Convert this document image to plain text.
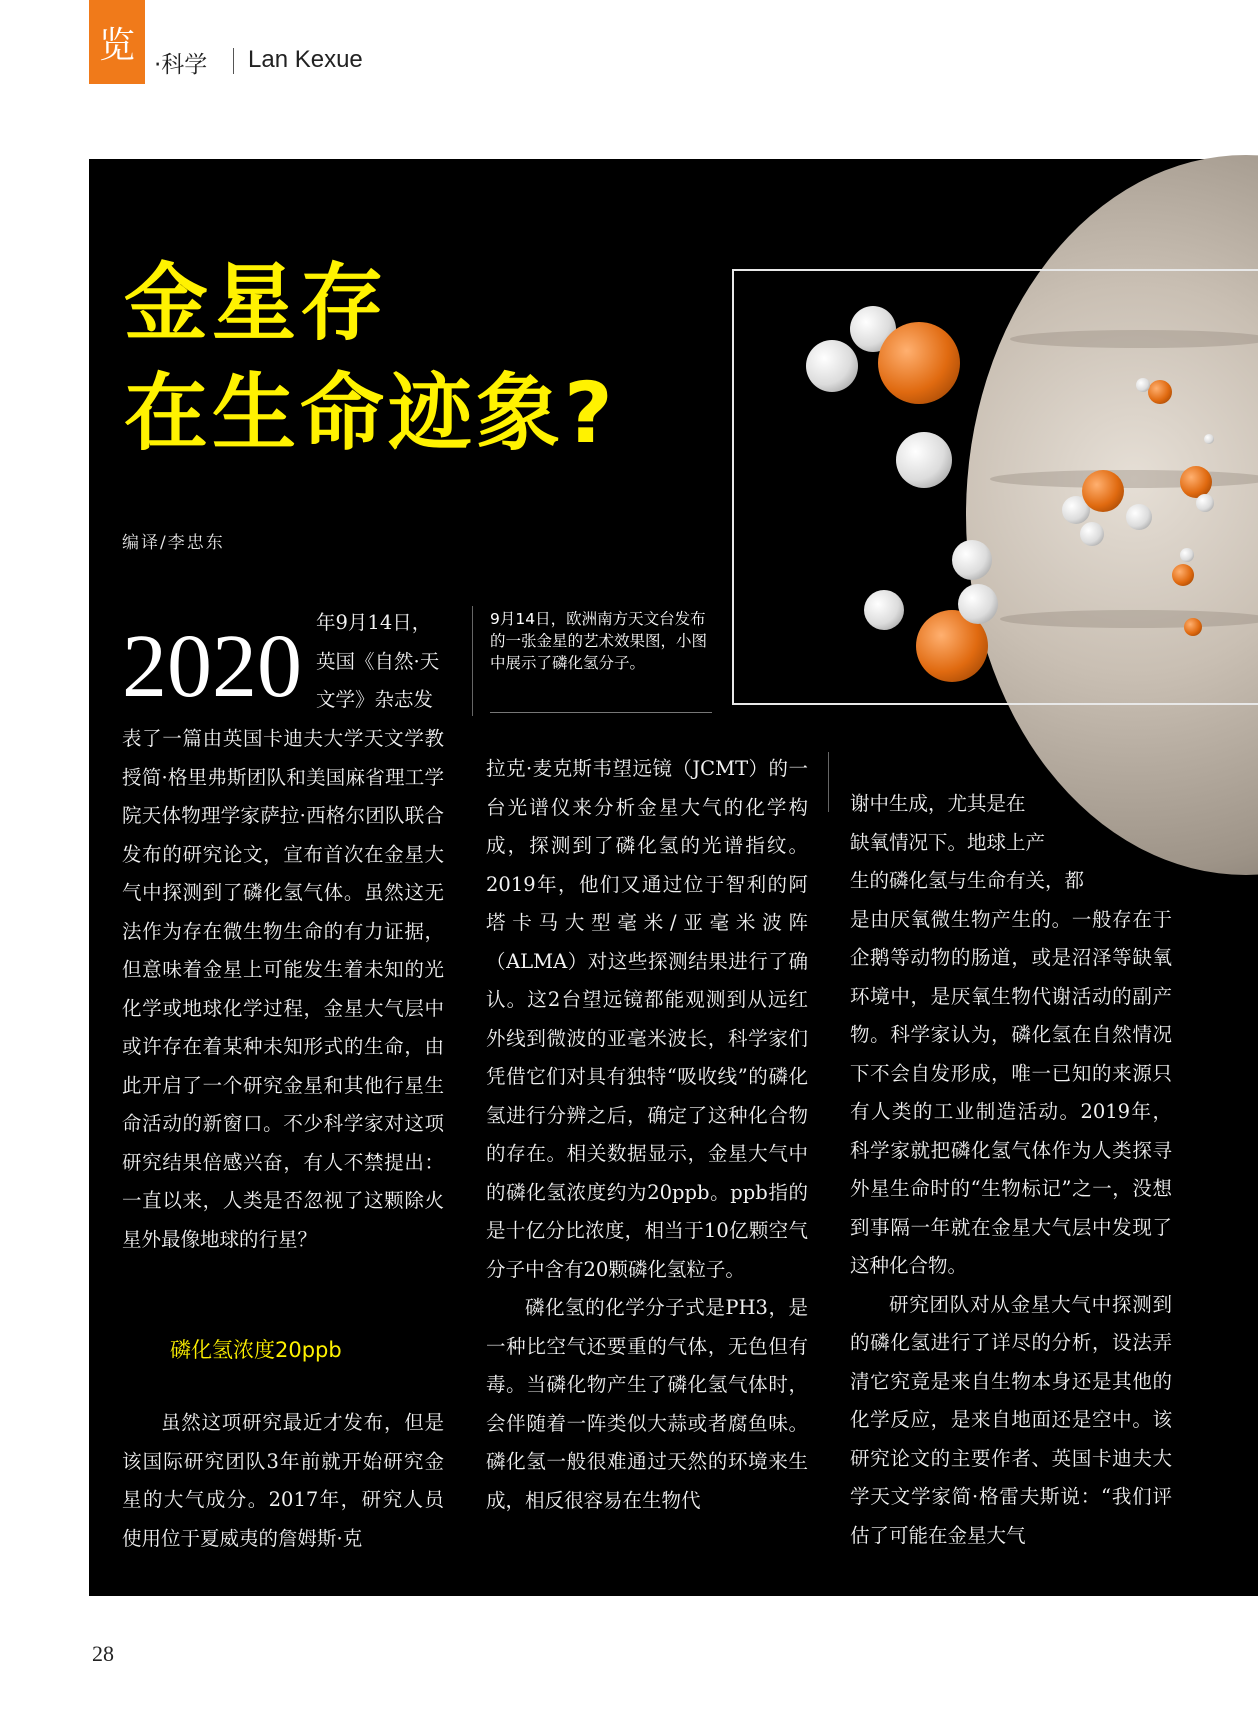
览 ·科学 Lan Kexue
金星存
在生命迹象?
编译/李忠东
9月14日，欧洲南方天文台发布的一张金星的艺术效果图，小图中展示了磷化氢分子。
2020 年9月14日，
英国《自然·天
文学》杂志发

表了一篇由英国卡迪夫大学天文学教授简·格里弗斯团队和美国麻省理工学院天体物理学家萨拉·西格尔团队联合发布的研究论文，宣布首次在金星大气中探测到了磷化氢气体。虽然这无法作为存在微生物生命的有力证据，但意味着金星上可能发生着未知的光化学或地球化学过程，金星大气层中或许存在着某种未知形式的生命，由此开启了一个研究金星和其他行星生命活动的新窗口。不少科学家对这项研究结果倍感兴奋，有人不禁提出：一直以来，人类是否忽视了这颗除火星外最像地球的行星？

磷化氢浓度20ppb

虽然这项研究最近才发布，但是该国际研究团队3年前就开始研究金星的大气成分。2017年，研究人员使用位于夏威夷的詹姆斯·克

拉克·麦克斯韦望远镜（JCMT）的一台光谱仪来分析金星大气的化学构成，探测到了磷化氢的光谱指纹。2019年，他们又通过位于智利的阿塔卡马大型毫米/亚毫米波阵（ALMA）对这些探测结果进行了确认。这2台望远镜都能观测到从远红外线到微波的亚毫米波长，科学家们凭借它们对具有独特“吸收线”的磷化氢进行分辨之后，确定了这种化合物的存在。相关数据显示，金星大气中的磷化氢浓度约为20ppb。ppb指的是十亿分比浓度，相当于10亿颗空气分子中含有20颗磷化氢粒子。

磷化氢的化学分子式是PH3，是一种比空气还要重的气体，无色但有毒。当磷化物产生了磷化氢气体时，会伴随着一阵类似大蒜或者腐鱼味。磷化氢一般很难通过天然的环境来生成，相反很容易在生物代

谢中生成，尤其是在
缺氧情况下。地球上产
生的磷化氢与生命有关，都

是由厌氧微生物产生的。一般存在于企鹅等动物的肠道，或是沼泽等缺氧环境中，是厌氧生物代谢活动的副产物。科学家认为，磷化氢在自然情况下不会自发形成，唯一已知的来源只有人类的工业制造活动。2019年，科学家就把磷化氢气体作为人类探寻外星生命时的“生物标记”之一，没想到事隔一年就在金星大气层中发现了这种化合物。

研究团队对从金星大气中探测到的磷化氢进行了详尽的分析，设法弄清它究竟是来自生物本身还是其他的化学反应，是来自地面还是空中。该研究论文的主要作者、英国卡迪夫大学天文学家简·格雷夫斯说：“我们评估了可能在金星大气

28
